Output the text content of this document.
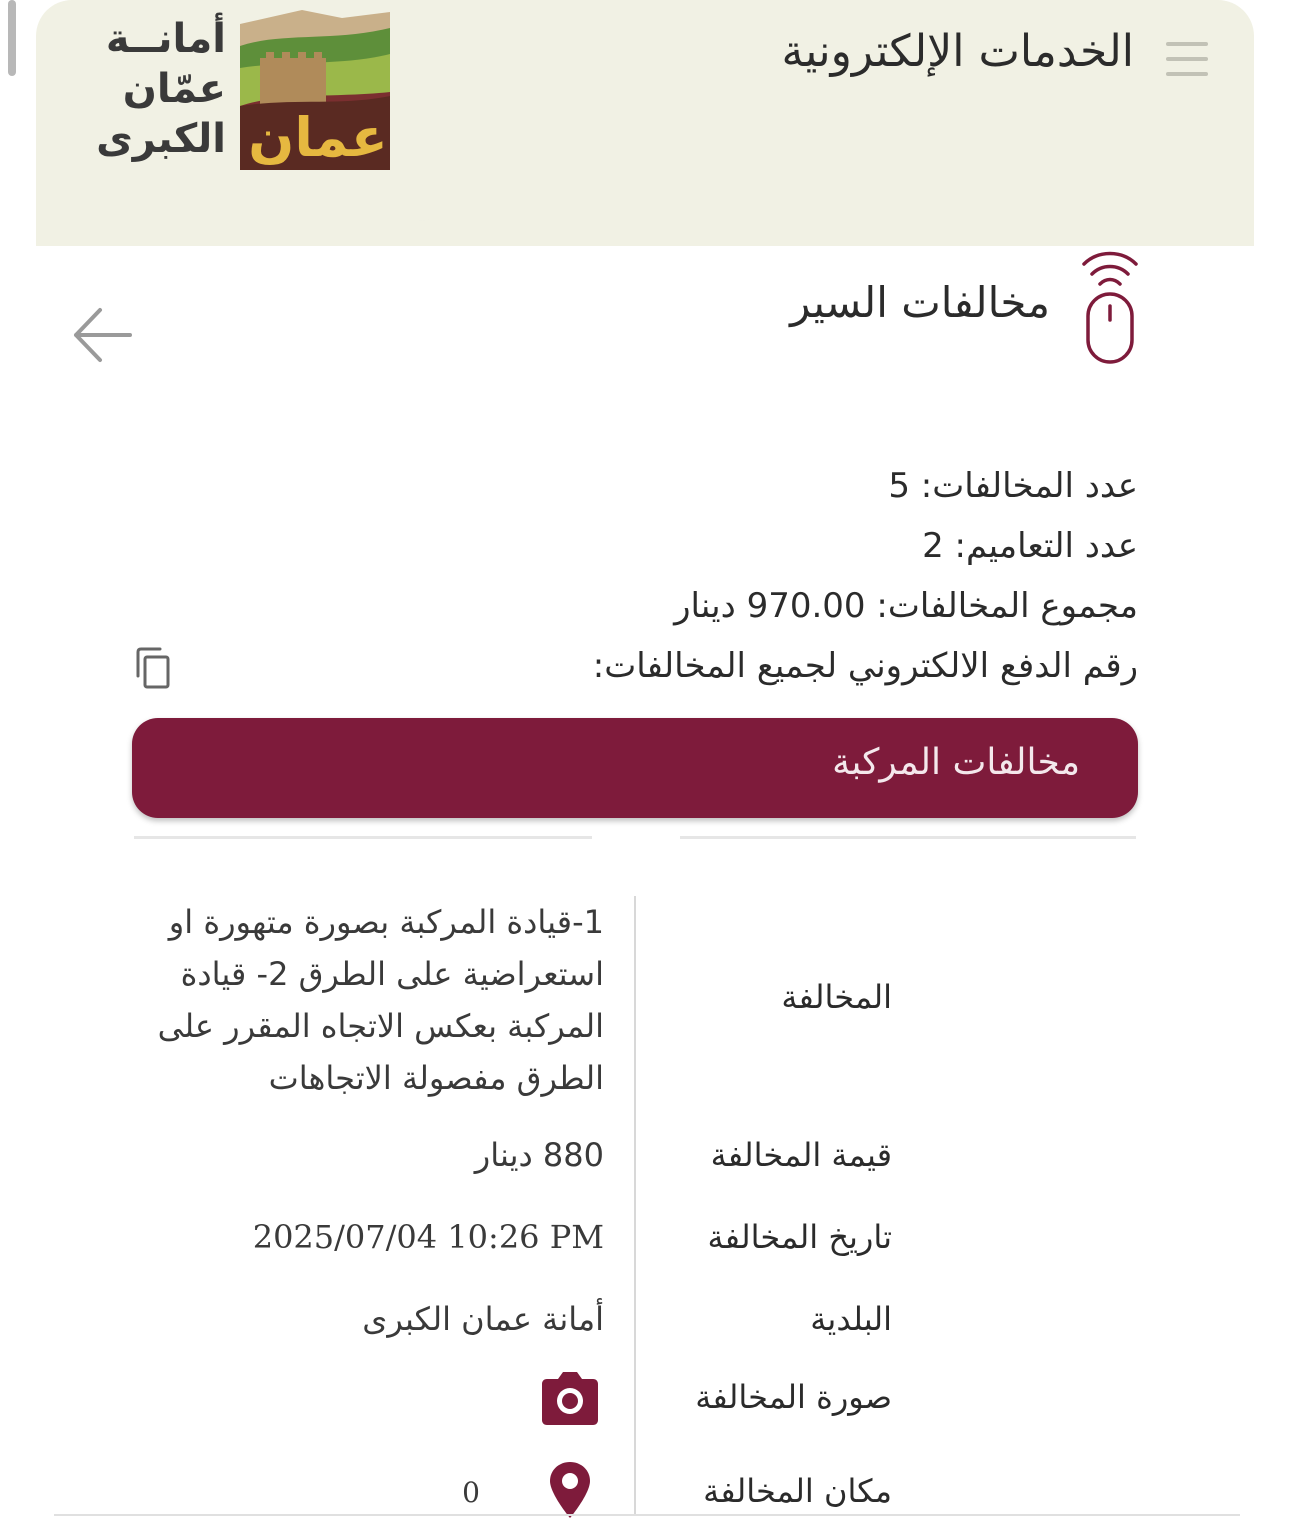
عمان
أمانــة
عمّان
الكبرى
الخدمات الإلكترونية
مخالفات السير
عدد المخالفات: 5
عدد التعاميم: 2
مجموع المخالفات: 970.00 دينار
رقم الدفع الالكتروني لجميع المخالفات:
مخالفات المركبة
المخالفة
1-قيادة المركبة بصورة متهورة او استعراضية على الطرق 2- قيادة المركبة بعكس الاتجاه المقرر على الطرق مفصولة الاتجاهات
قيمة المخالفة
880 دينار
تاريخ المخالفة
2025/07/04 10:26 PM
البلدية
أمانة عمان الكبرى
صورة المخالفة
مكان المخالفة
0
